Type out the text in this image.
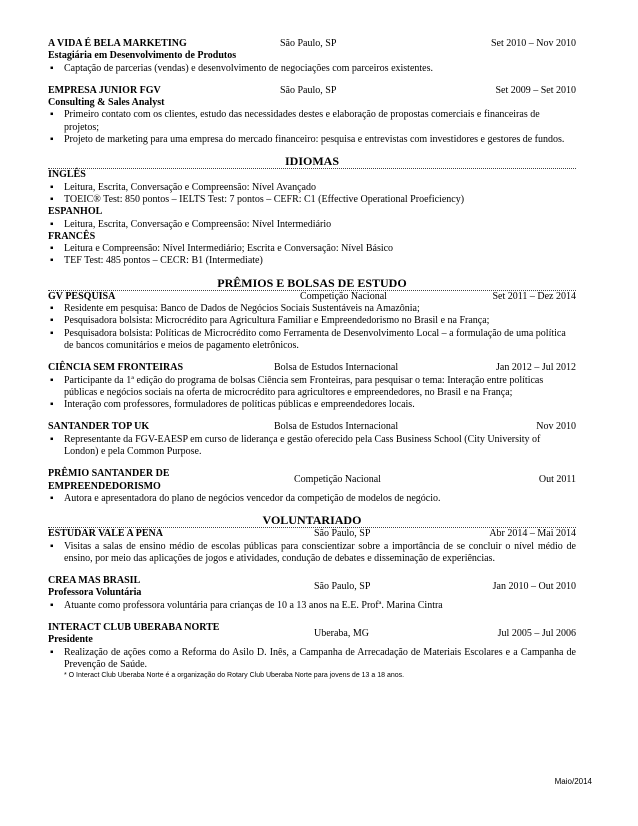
A VIDA É BELA MARKETING	São Paulo, SP	Set 2010 – Nov 2010
Estagiária em Desenvolvimento de Produtos
▪ Captação de parcerias (vendas) e desenvolvimento de negociações com parceiros existentes.
EMPRESA JUNIOR FGV	São Paulo, SP	Set 2009 – Set 2010
Consulting & Sales Analyst
▪ Primeiro contato com os clientes, estudo das necessidades destes e elaboração de propostas comerciais e financeiras de projetos;
▪ Projeto de marketing para uma empresa do mercado financeiro: pesquisa e entrevistas com investidores e gestores de fundos.
IDIOMAS
INGLÊS
▪ Leitura, Escrita, Conversação e Compreensão: Nível Avançado
▪ TOEIC® Test: 850 pontos – IELTS Test: 7 pontos – CEFR: C1 (Effective Operational Proeficiency)
ESPANHOL
▪ Leitura, Escrita, Conversação e Compreensão: Nível Intermediário
FRANCÊS
▪ Leitura e Compreensão: Nível Intermediário; Escrita e Conversação: Nível Básico
▪ TEF Test: 485 pontos – CECR: B1 (Intermediate)
PRÊMIOS E BOLSAS DE ESTUDO
GV PESQUISA	Competição Nacional	Set 2011 – Dez 2014
▪ Residente em pesquisa: Banco de Dados de Negócios Sociais Sustentáveis na Amazônia;
▪ Pesquisadora bolsista: Microcrédito para Agricultura Familiar e Empreendedorismo no Brasil e na França;
▪ Pesquisadora bolsista: Políticas de Microcrédito como Ferramenta de Desenvolvimento Local – a formulação de uma política de bancos comunitários e meios de pagamento eletrônicos.
CIÊNCIA SEM FRONTEIRAS	Bolsa de Estudos Internacional	Jan 2012 – Jul 2012
▪ Participante da 1ª edição do programa de bolsas Ciência sem Fronteiras, para pesquisar o tema: Interação entre políticas públicas e negócios sociais na oferta de microcrédito para agricultores e empreendedores, no Brasil e na França;
▪ Interação com professores, formuladores de políticas públicas e empreendedores locais.
SANTANDER TOP UK	Bolsa de Estudos Internacional	Nov 2010
▪ Representante da FGV-EAESP em curso de liderança e gestão oferecido pela Cass Business School (City University of London) e pela Common Purpose.
PRÊMIO SANTANDER DE
EMPREENDEDORISMO
Competição Nacional	Out 2011
▪ Autora e apresentadora do plano de negócios vencedor da competição de modelos de negócio.
VOLUNTARIADO
ESTUDAR VALE A PENA	São Paulo, SP	Abr 2014 – Mai 2014
▪ Visitas a salas de ensino médio de escolas públicas para conscientizar sobre a importância de se concluir o nível médio de ensino, por meio das aplicações de jogos e atividades, condução de debates e disseminação de experiências.
CREA MAS BRASIL
Professora Voluntária
São Paulo, SP	Jan 2010 – Out 2010
▪ Atuante como professora voluntária para crianças de 10 a 13 anos na E.E. Profª. Marina Cintra
INTERACT CLUB UBERABA NORTE
Presidente
Uberaba, MG	Jul 2005 – Jul 2006
▪ Realização de ações como a Reforma do Asilo D. Inês, a Campanha de Arrecadação de Materiais Escolares e a Campanha de Prevenção de Saúde.
* O Interact Club Uberaba Norte é a organização do Rotary Club Uberaba Norte para jovens de 13 a 18 anos.
Maio/2014
